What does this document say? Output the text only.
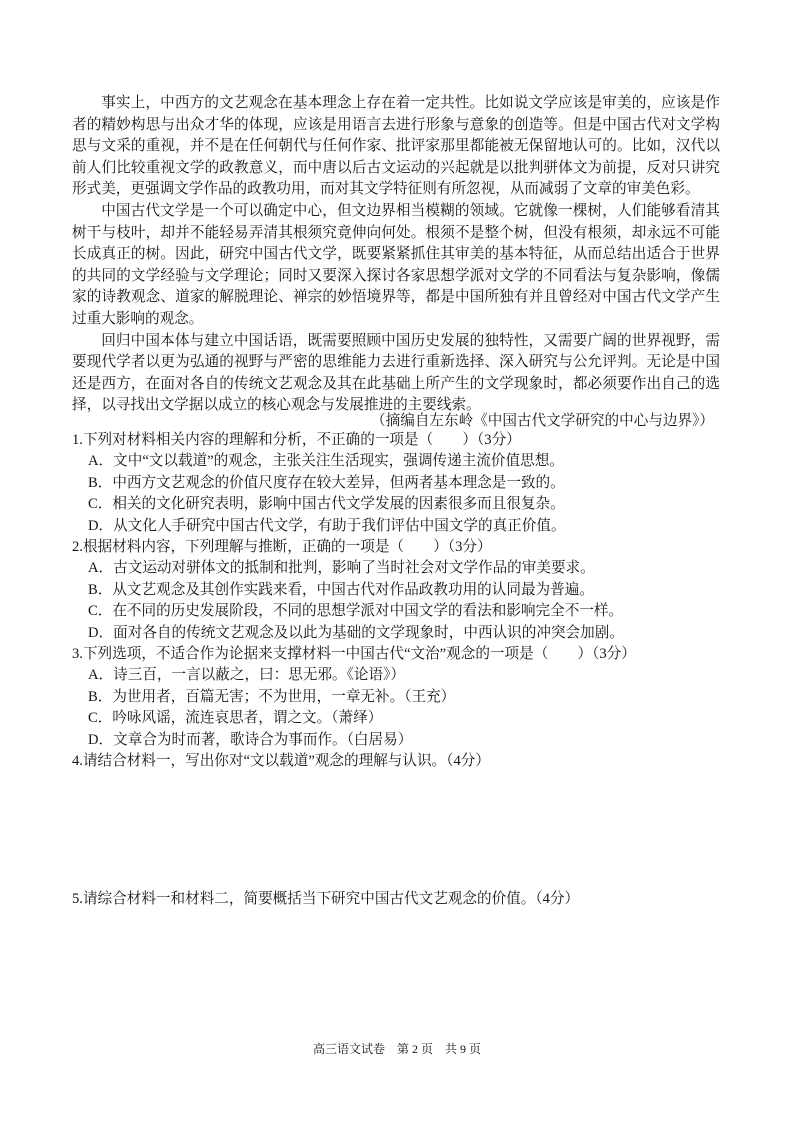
事实上，中西方的文艺观念在基本理念上存在着一定共性。比如说文学应该是审美的，应该是作者的精妙构思与出众才华的体现，应该是用语言去进行形象与意象的创造等。但是中国古代对文学构思与文采的重视，并不是在任何朝代与任何作家、批评家那里都能被无保留地认可的。比如，汉代以前人们比较重视文学的政教意义，而中唐以后古文运动的兴起就是以批判骈体文为前提，反对只讲究形式美，更强调文学作品的政教功用，而对其文学特征则有所忽视，从而减弱了文章的审美色彩。

中国古代文学是一个可以确定中心，但文边界相当模糊的领域。它就像一棵树，人们能够看清其树干与枝叶，却并不能轻易弄清其根须究竟伸向何处。根须不是整个树，但没有根须，却永远不可能长成真正的树。因此，研究中国古代文学，既要紧紧抓住其审美的基本特征，从而总结出适合于世界的共同的文学经验与文学理论；同时又要深入探讨各家思想学派对文学的不同看法与复杂影响，像儒家的诗教观念、道家的解脱理论、禅宗的妙悟境界等，都是中国所独有并且曾经对中国古代文学产生过重大影响的观念。

回归中国本体与建立中国话语，既需要照顾中国历史发展的独特性，又需要广阔的世界视野，需要现代学者以更为弘通的视野与严密的思维能力去进行重新选择、深入研究与公允评判。无论是中国还是西方，在面对各自的传统文艺观念及其在此基础上所产生的文学现象时，都必须要作出自己的选择，以寻找出文学据以成立的核心观念与发展推进的主要线索。

（摘编自左东岭《中国古代文学研究的中心与边界》）

1.下列对材料相关内容的理解和分析，不正确的一项是（　　）（3分）

A．文中“文以载道”的观念，主张关注生活现实，强调传递主流价值思想。

B．中西方文艺观念的价值尺度存在较大差异，但两者基本理念是一致的。

C．相关的文化研究表明，影响中国古代文学发展的因素很多而且很复杂。

D．从文化人手研究中国古代文学，有助于我们评估中国文学的真正价值。

2.根据材料内容，下列理解与推断，正确的一项是（　　）（3分）

A．古文运动对骈体文的抵制和批判，影响了当时社会对文学作品的审美要求。

B．从文艺观念及其创作实践来看，中国古代对作品政教功用的认同最为普遍。

C．在不同的历史发展阶段，不同的思想学派对中国文学的看法和影响完全不一样。

D．面对各自的传统文艺观念及以此为基础的文学现象时，中西认识的冲突会加剧。

3.下列选项，不适合作为论据来支撑材料一中国古代“文治”观念的一项是（　　）（3分）

A．诗三百，一言以蔽之，曰：思无邪。《论语》）

B．为世用者，百篇无害；不为世用，一章无补。（王充）

C．吟咏风谣，流连哀思者，谓之文。（萧绎）

D．文章合为时而著，歌诗合为事而作。（白居易）

4.请结合材料一，写出你对“文以载道”观念的理解与认识。（4分）

5.请综合材料一和材料二，简要概括当下研究中国古代文艺观念的价值。（4分）
高三语文试卷　第 2 页　共 9 页
